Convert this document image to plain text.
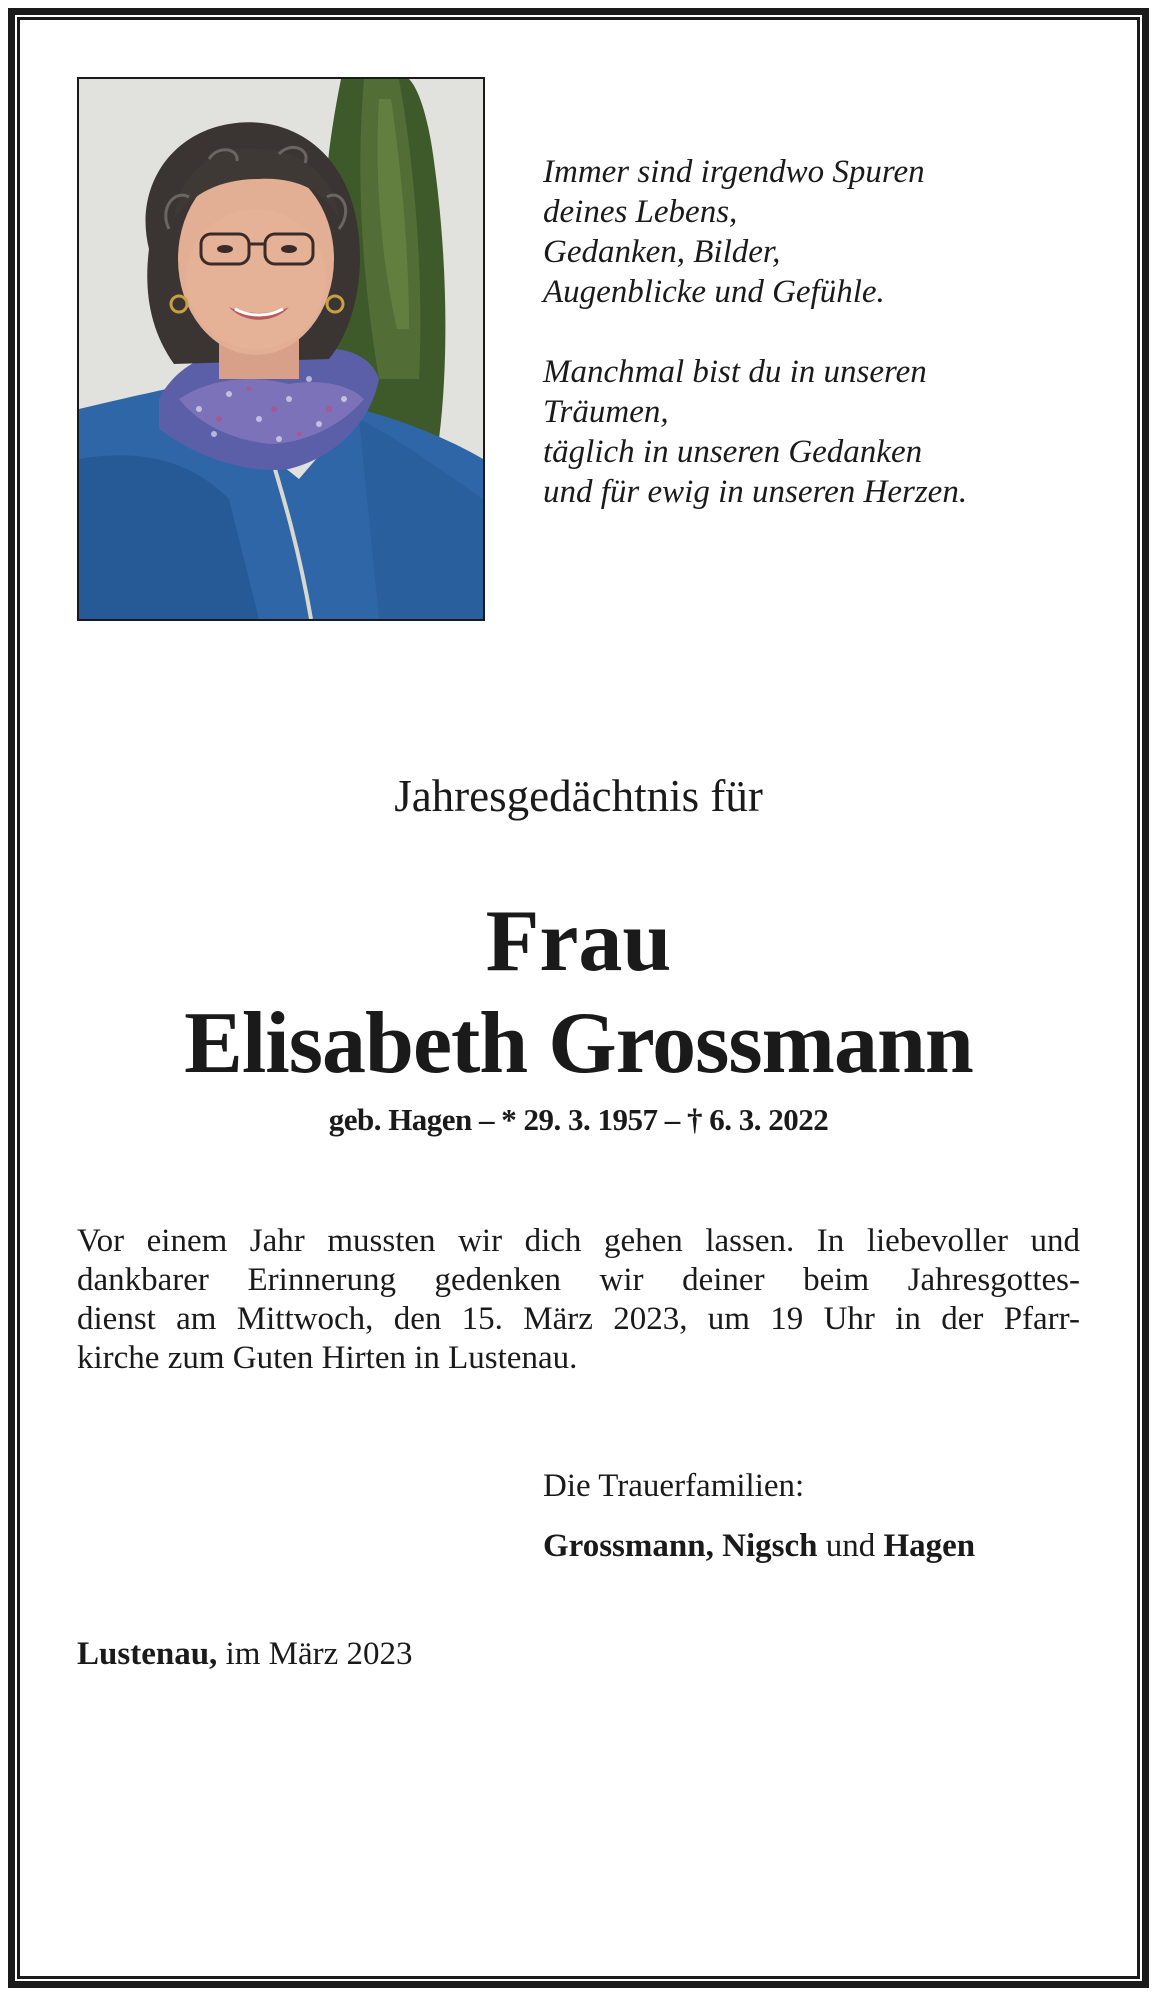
Immer sind irgendwo Spuren
deines Lebens,
Gedanken, Bilder,
Augenblicke und Gefühle.
Manchmal bist du in unseren
Träumen,
täglich in unseren Gedanken
und für ewig in unseren Herzen.
Jahresgedächtnis für
Frau
Elisabeth Grossmann
geb. Hagen – * 29. 3. 1957 – † 6. 3. 2022
Vor einem Jahr mussten wir dich gehen lassen. In liebevoller und
dankbarer Erinnerung gedenken wir deiner beim Jahresgottes-
dienst am Mittwoch, den 15. März 2023, um 19 Uhr in der Pfarr-
kirche zum Guten Hirten in Lustenau.
Die Trauerfamilien:
Grossmann, Nigsch und Hagen
Lustenau, im März 2023
